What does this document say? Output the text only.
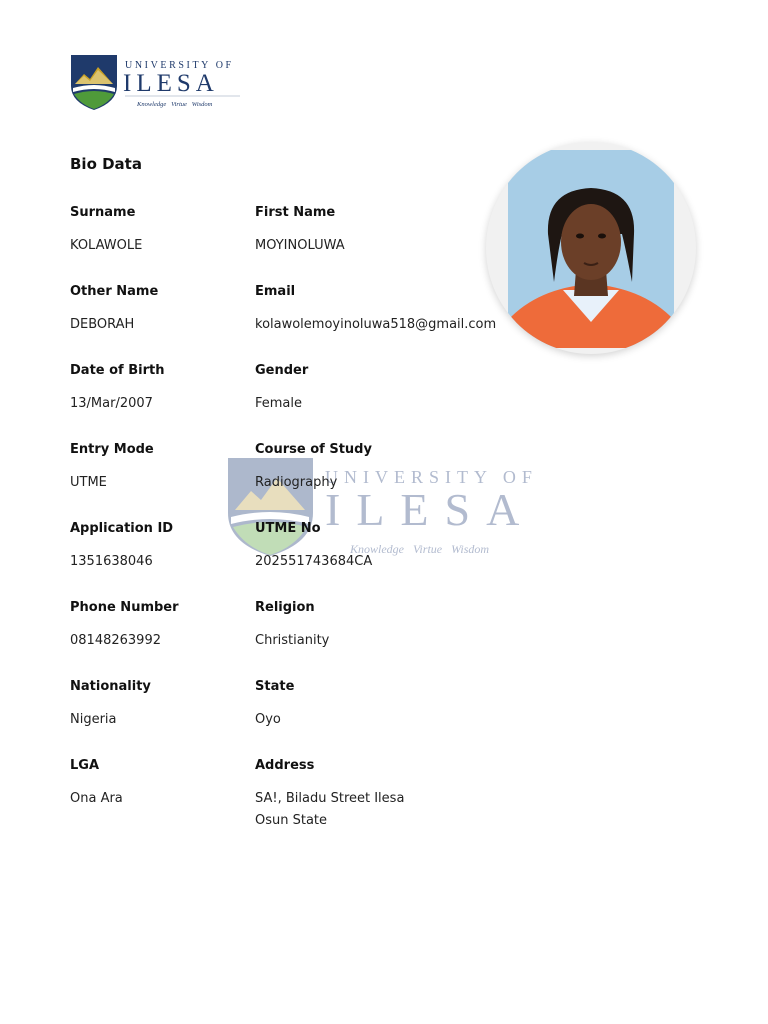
UNIVERSITY OF
ILESA
Knowledge   Virtue   Wisdom
UNIVERSITY OF
ILESA
Knowledge   Virtue   Wisdom
Bio Data
Surname
KOLAWOLE
First Name
MOYINOLUWA
Other Name
DEBORAH
Email
kolawolemoyinoluwa518@gmail.com
Date of Birth
13/Mar/2007
Gender
Female
Entry Mode
UTME
Course of Study
Radiography
Application ID
1351638046
UTME No
202551743684CA
Phone Number
08148263992
Religion
Christianity
Nationality
Nigeria
State
Oyo
LGA
Ona Ara
Address
SA!, Biladu Street Ilesa
Osun State
